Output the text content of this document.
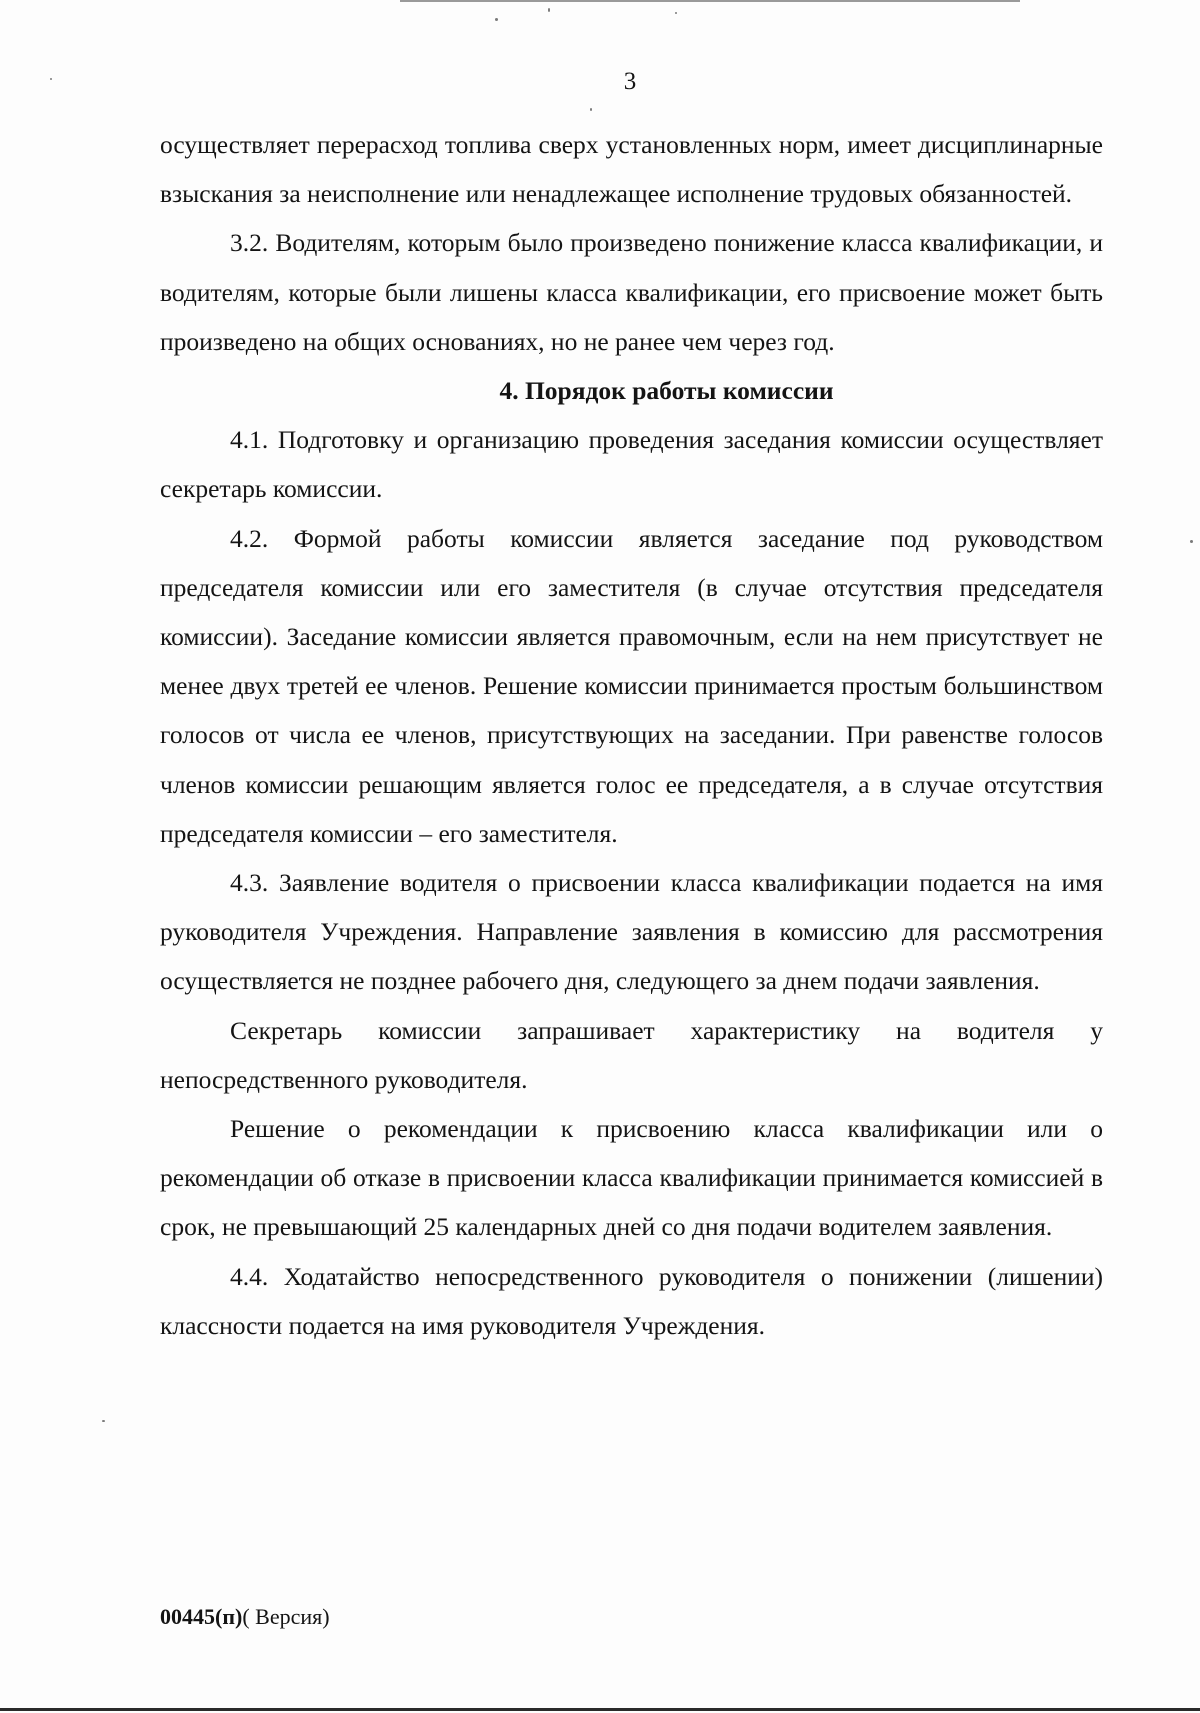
3

осуществляет перерасход топлива сверх установленных норм, имеет дисциплинарные взыскания за неисполнение или ненадлежащее исполнение трудовых обязанностей.

3.2. Водителям, которым было произведено понижение класса квалификации, и водителям, которые были лишены класса квалификации, его присвоение может быть произведено на общих основаниях, но не ранее чем через год.

4. Порядок работы комиссии

4.1. Подготовку и организацию проведения заседания комиссии осуществляет секретарь комиссии.

4.2. Формой работы комиссии является заседание под руководством председателя комиссии или его заместителя (в случае отсутствия председателя комиссии). Заседание комиссии является правомочным, если на нем присутствует не менее двух третей ее членов. Решение комиссии принимается простым большинством голосов от числа ее членов, присутствующих на заседании. При равенстве голосов членов комиссии решающим является голос ее председателя, а в случае отсутствия председателя комиссии – его заместителя.

4.3. Заявление водителя о присвоении класса квалификации подается на имя руководителя Учреждения. Направление заявления в комиссию для рассмотрения осуществляется не позднее рабочего дня, следующего за днем подачи заявления.

Секретарь комиссии запрашивает характеристику на водителя у непосредственного руководителя.

Решение о рекомендации к присвоению класса квалификации или о рекомендации об отказе в присвоении класса квалификации принимается комиссией в срок, не превышающий 25 календарных дней со дня подачи водителем заявления.

4.4. Ходатайство непосредственного руководителя о понижении (лишении) классности подается на имя руководителя Учреждения.

00445(п)( Версия)
